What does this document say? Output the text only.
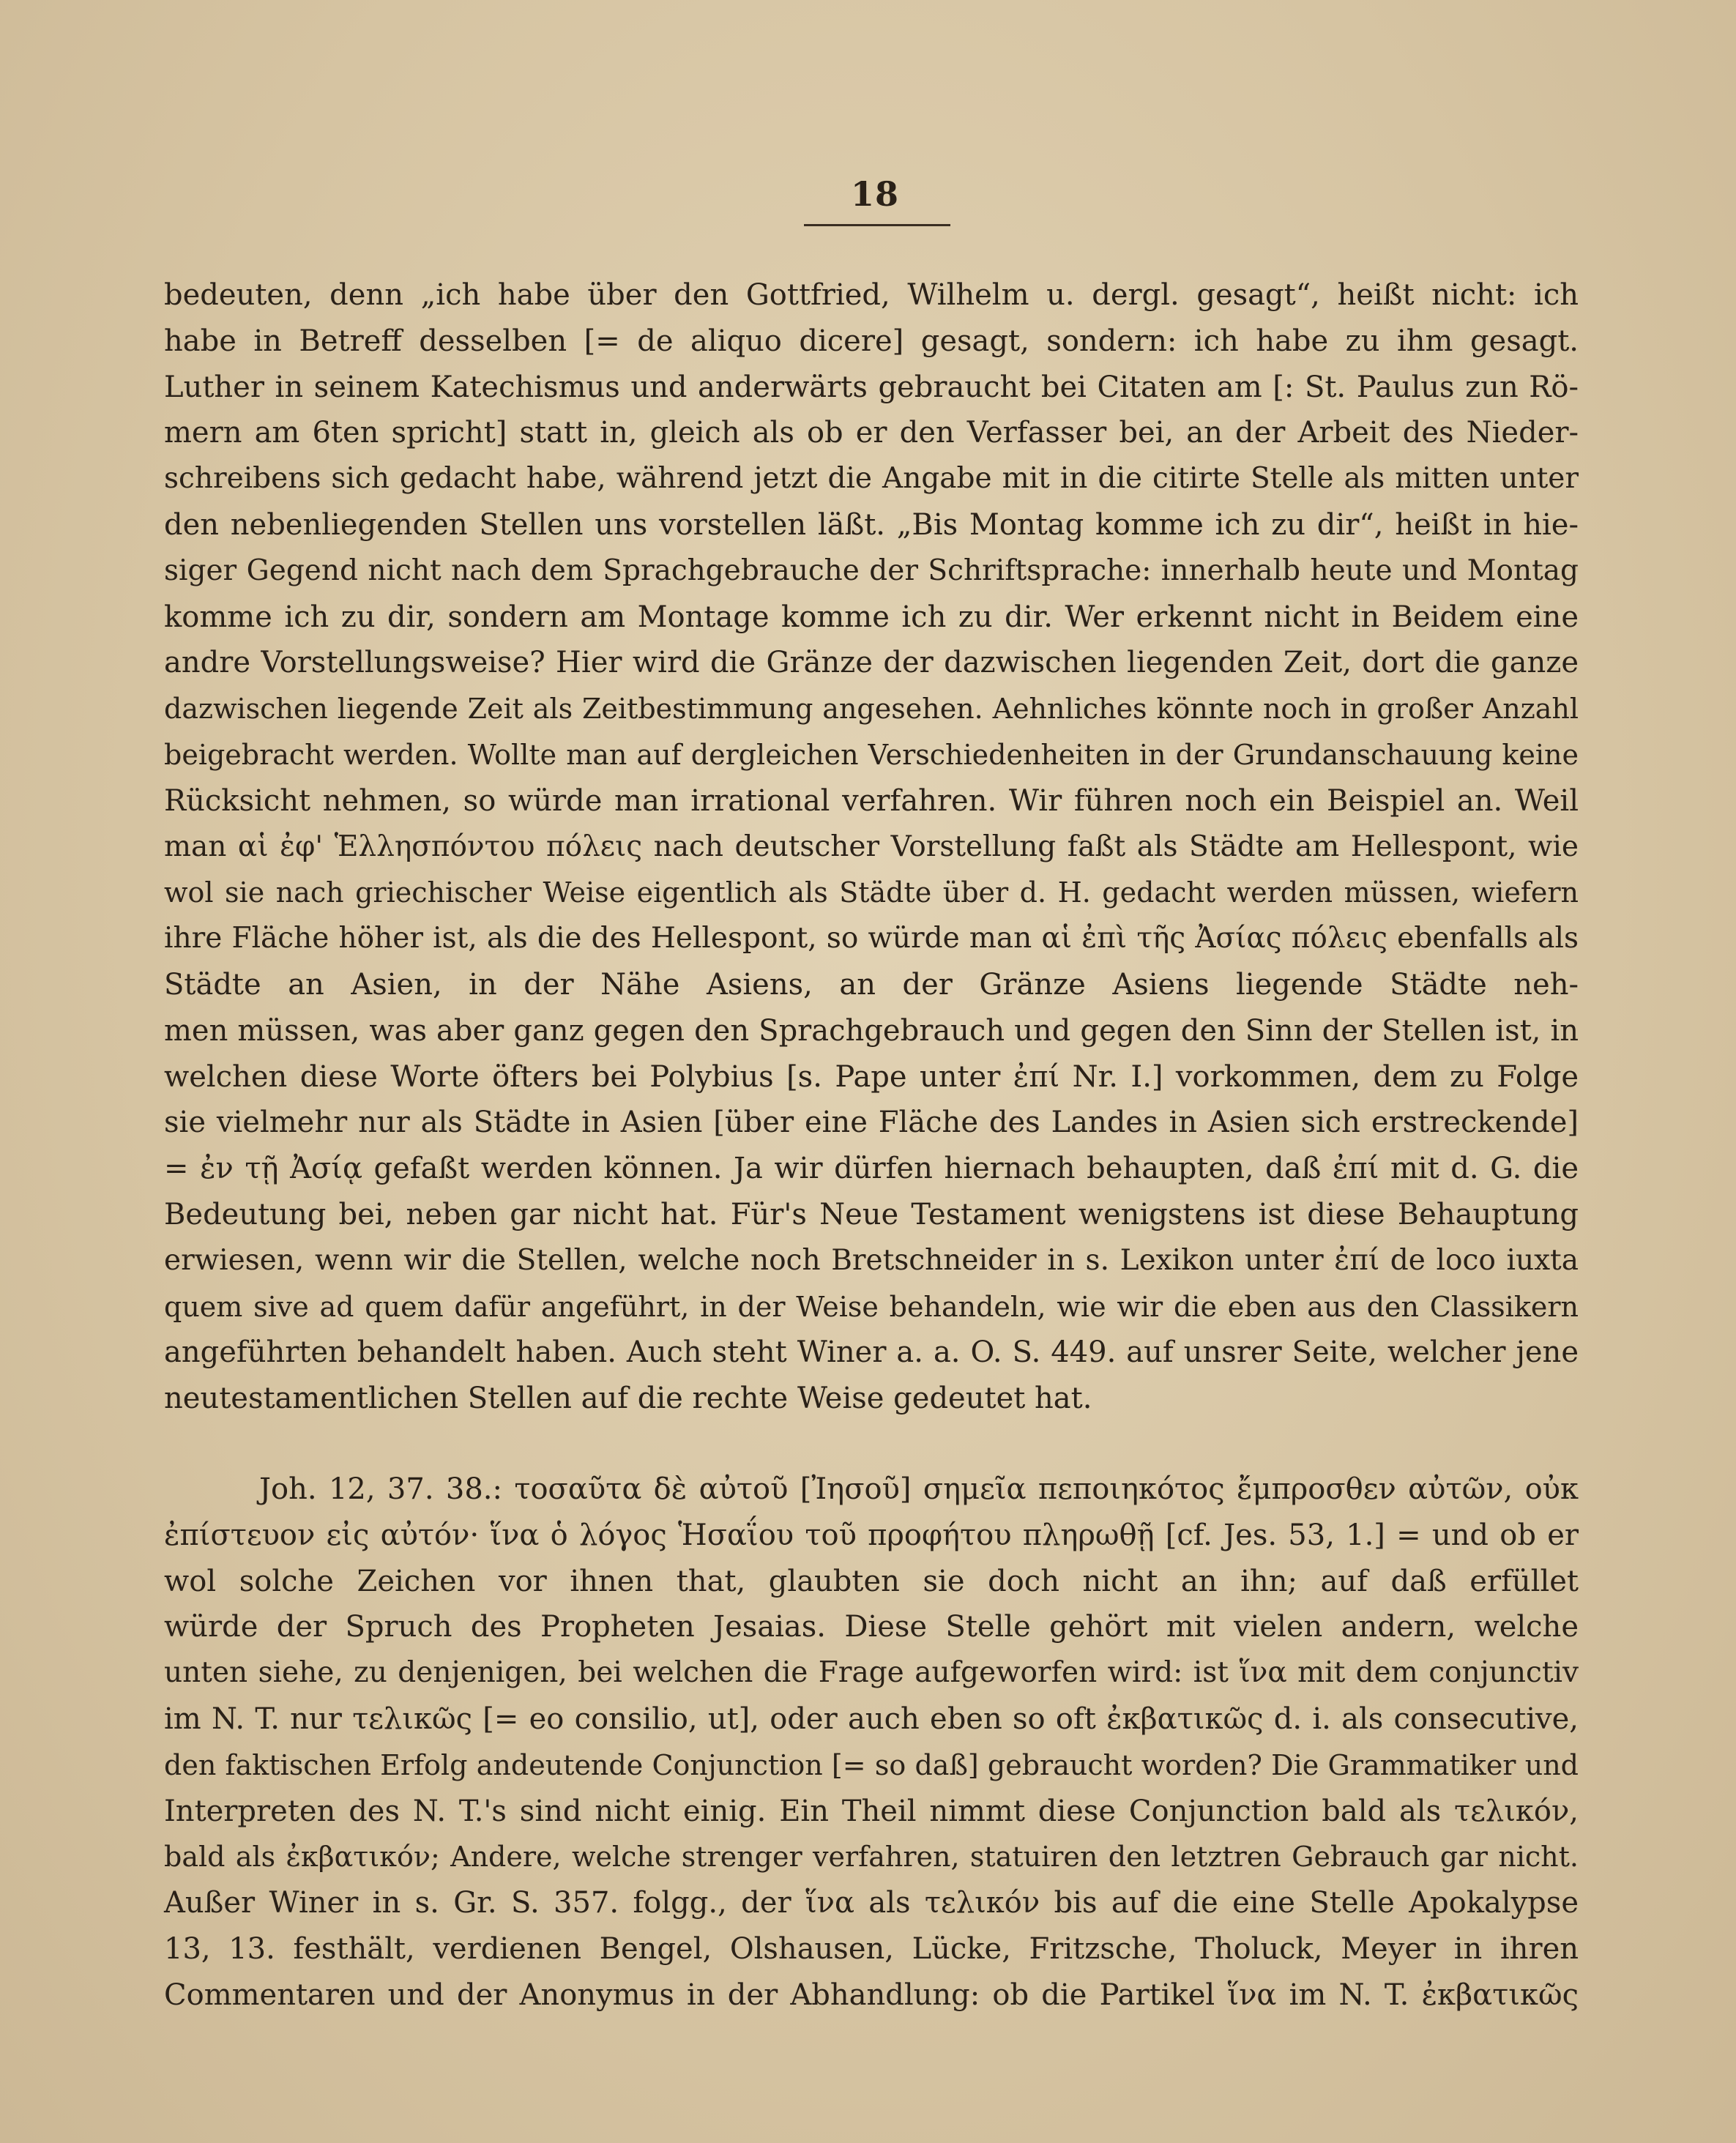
18
bedeuten, denn „ich habe über den Gottfried, Wilhelm u. dergl. gesagt“, heißt nicht: ich
habe in Betreff desselben [= de aliquo dicere] gesagt, sondern: ich habe zu ihm gesagt.
Luther in seinem Katechismus und anderwärts gebraucht bei Citaten am [: St. Paulus zun Rö-
mern am 6ten spricht] statt in, gleich als ob er den Verfasser bei, an der Arbeit des Nieder-
schreibens sich gedacht habe, während jetzt die Angabe mit in die citirte Stelle als mitten unter
den nebenliegenden Stellen uns vorstellen läßt. „Bis Montag komme ich zu dir“, heißt in hie-
siger Gegend nicht nach dem Sprachgebrauche der Schriftsprache: innerhalb heute und Montag
komme ich zu dir, sondern am Montage komme ich zu dir. Wer erkennt nicht in Beidem eine
andre Vorstellungsweise? Hier wird die Gränze der dazwischen liegenden Zeit, dort die ganze
dazwischen liegende Zeit als Zeitbestimmung angesehen. Aehnliches könnte noch in großer Anzahl
beigebracht werden. Wollte man auf dergleichen Verschiedenheiten in der Grundanschauung keine
Rücksicht nehmen, so würde man irrational verfahren. Wir führen noch ein Beispiel an. Weil
man αἱ ἐφ' Ἑλλησπόντου πόλεις nach deutscher Vorstellung faßt als Städte am Hellespont, wie
wol sie nach griechischer Weise eigentlich als Städte über d. H. gedacht werden müssen, wiefern
ihre Fläche höher ist, als die des Hellespont, so würde man αἱ ἐπὶ τῆς Ἀσίας πόλεις ebenfalls als
Städte an Asien, in der Nähe Asiens, an der Gränze Asiens liegende Städte neh-
men müssen, was aber ganz gegen den Sprachgebrauch und gegen den Sinn der Stellen ist, in
welchen diese Worte öfters bei Polybius [s. Pape unter ἐπί Nr. I.] vorkommen, dem zu Folge
sie vielmehr nur als Städte in Asien [über eine Fläche des Landes in Asien sich erstreckende]
= ἐν τῇ Ἀσίᾳ gefaßt werden können. Ja wir dürfen hiernach behaupten, daß ἐπί mit d. G. die
Bedeutung bei, neben gar nicht hat. Für's Neue Testament wenigstens ist diese Behauptung
erwiesen, wenn wir die Stellen, welche noch Bretschneider in s. Lexikon unter ἐπί de loco iuxta
quem sive ad quem dafür angeführt, in der Weise behandeln, wie wir die eben aus den Classikern
angeführten behandelt haben. Auch steht Winer a. a. O. S. 449. auf unsrer Seite, welcher jene
neutestamentlichen Stellen auf die rechte Weise gedeutet hat.
Joh. 12, 37. 38.: τοσαῦτα δὲ αὐτοῦ [Ἰησοῦ] σημεῖα πεποιηκότος ἔμπροσθεν αὐτῶν, οὐκ
ἐπίστευον εἰς αὐτόν· ἵνα ὁ λόγος Ἡσαΐου τοῦ προφήτου πληρωθῇ [cf. Jes. 53, 1.] = und ob er
wol solche Zeichen vor ihnen that, glaubten sie doch nicht an ihn; auf daß erfüllet
würde der Spruch des Propheten Jesaias. Diese Stelle gehört mit vielen andern, welche
unten siehe, zu denjenigen, bei welchen die Frage aufgeworfen wird: ist ἵνα mit dem conjunctiv
im N. T. nur τελικῶς [= eo consilio, ut], oder auch eben so oft ἐκβατικῶς d. i. als consecutive,
den faktischen Erfolg andeutende Conjunction [= so daß] gebraucht worden? Die Grammatiker und
Interpreten des N. T.'s sind nicht einig. Ein Theil nimmt diese Conjunction bald als τελικόν,
bald als ἐκβατικόν; Andere, welche strenger verfahren, statuiren den letztren Gebrauch gar nicht.
Außer Winer in s. Gr. S. 357. folgg., der ἵνα als τελικόν bis auf die eine Stelle Apokalypse
13, 13. festhält, verdienen Bengel, Olshausen, Lücke, Fritzsche, Tholuck, Meyer in ihren
Commentaren und der Anonymus in der Abhandlung: ob die Partikel ἵνα im N. T. ἐκβατικῶς
